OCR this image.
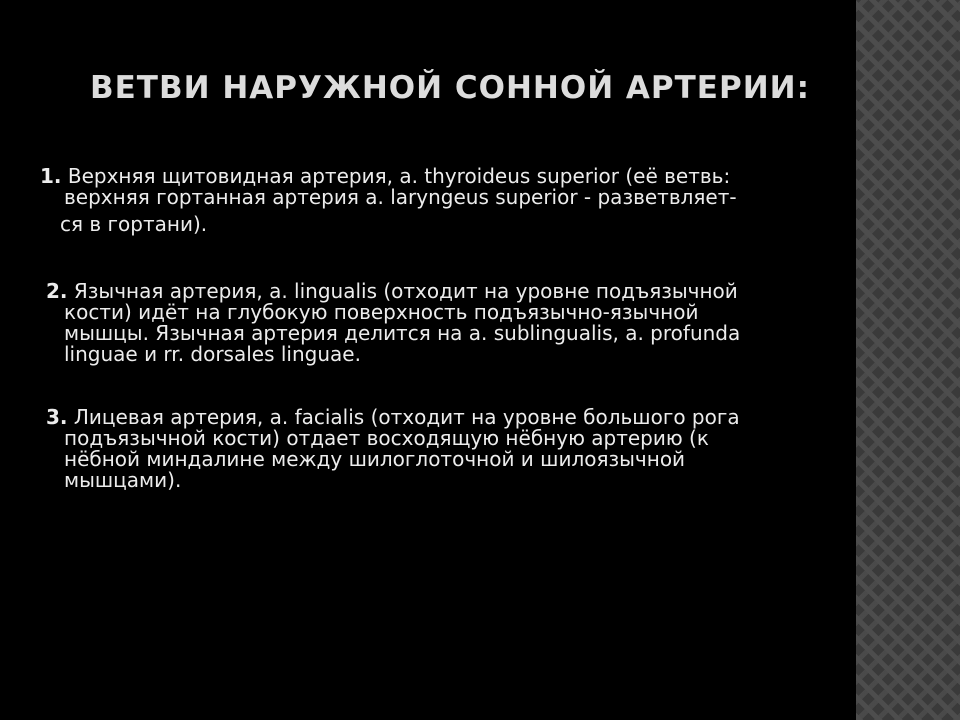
ВЕТВИ НАРУЖНОЙ СОННОЙ АРТЕРИИ:
1. Верхняя щитовидная артерия, a. thyroideus superior (её ветвь:
верхняя гортанная артерия a. laryngeus superior - разветвляет-
ся в гортани).
2. Язычная артерия, a. lingualis (отходит на уровне подъязычной
кости) идёт на глубокую поверхность подъязычно-язычной
мышцы. Язычная артерия делится на a. sublingualis, a. profunda
linguae и rr. dorsales linguae.
3. Лицевая артерия, a. facialis (отходит на уровне большого рога
подъязычной кости) отдает восходящую нёбную артерию (к
нёбной миндалине между шилоглоточной и шилоязычной
мышцами).
